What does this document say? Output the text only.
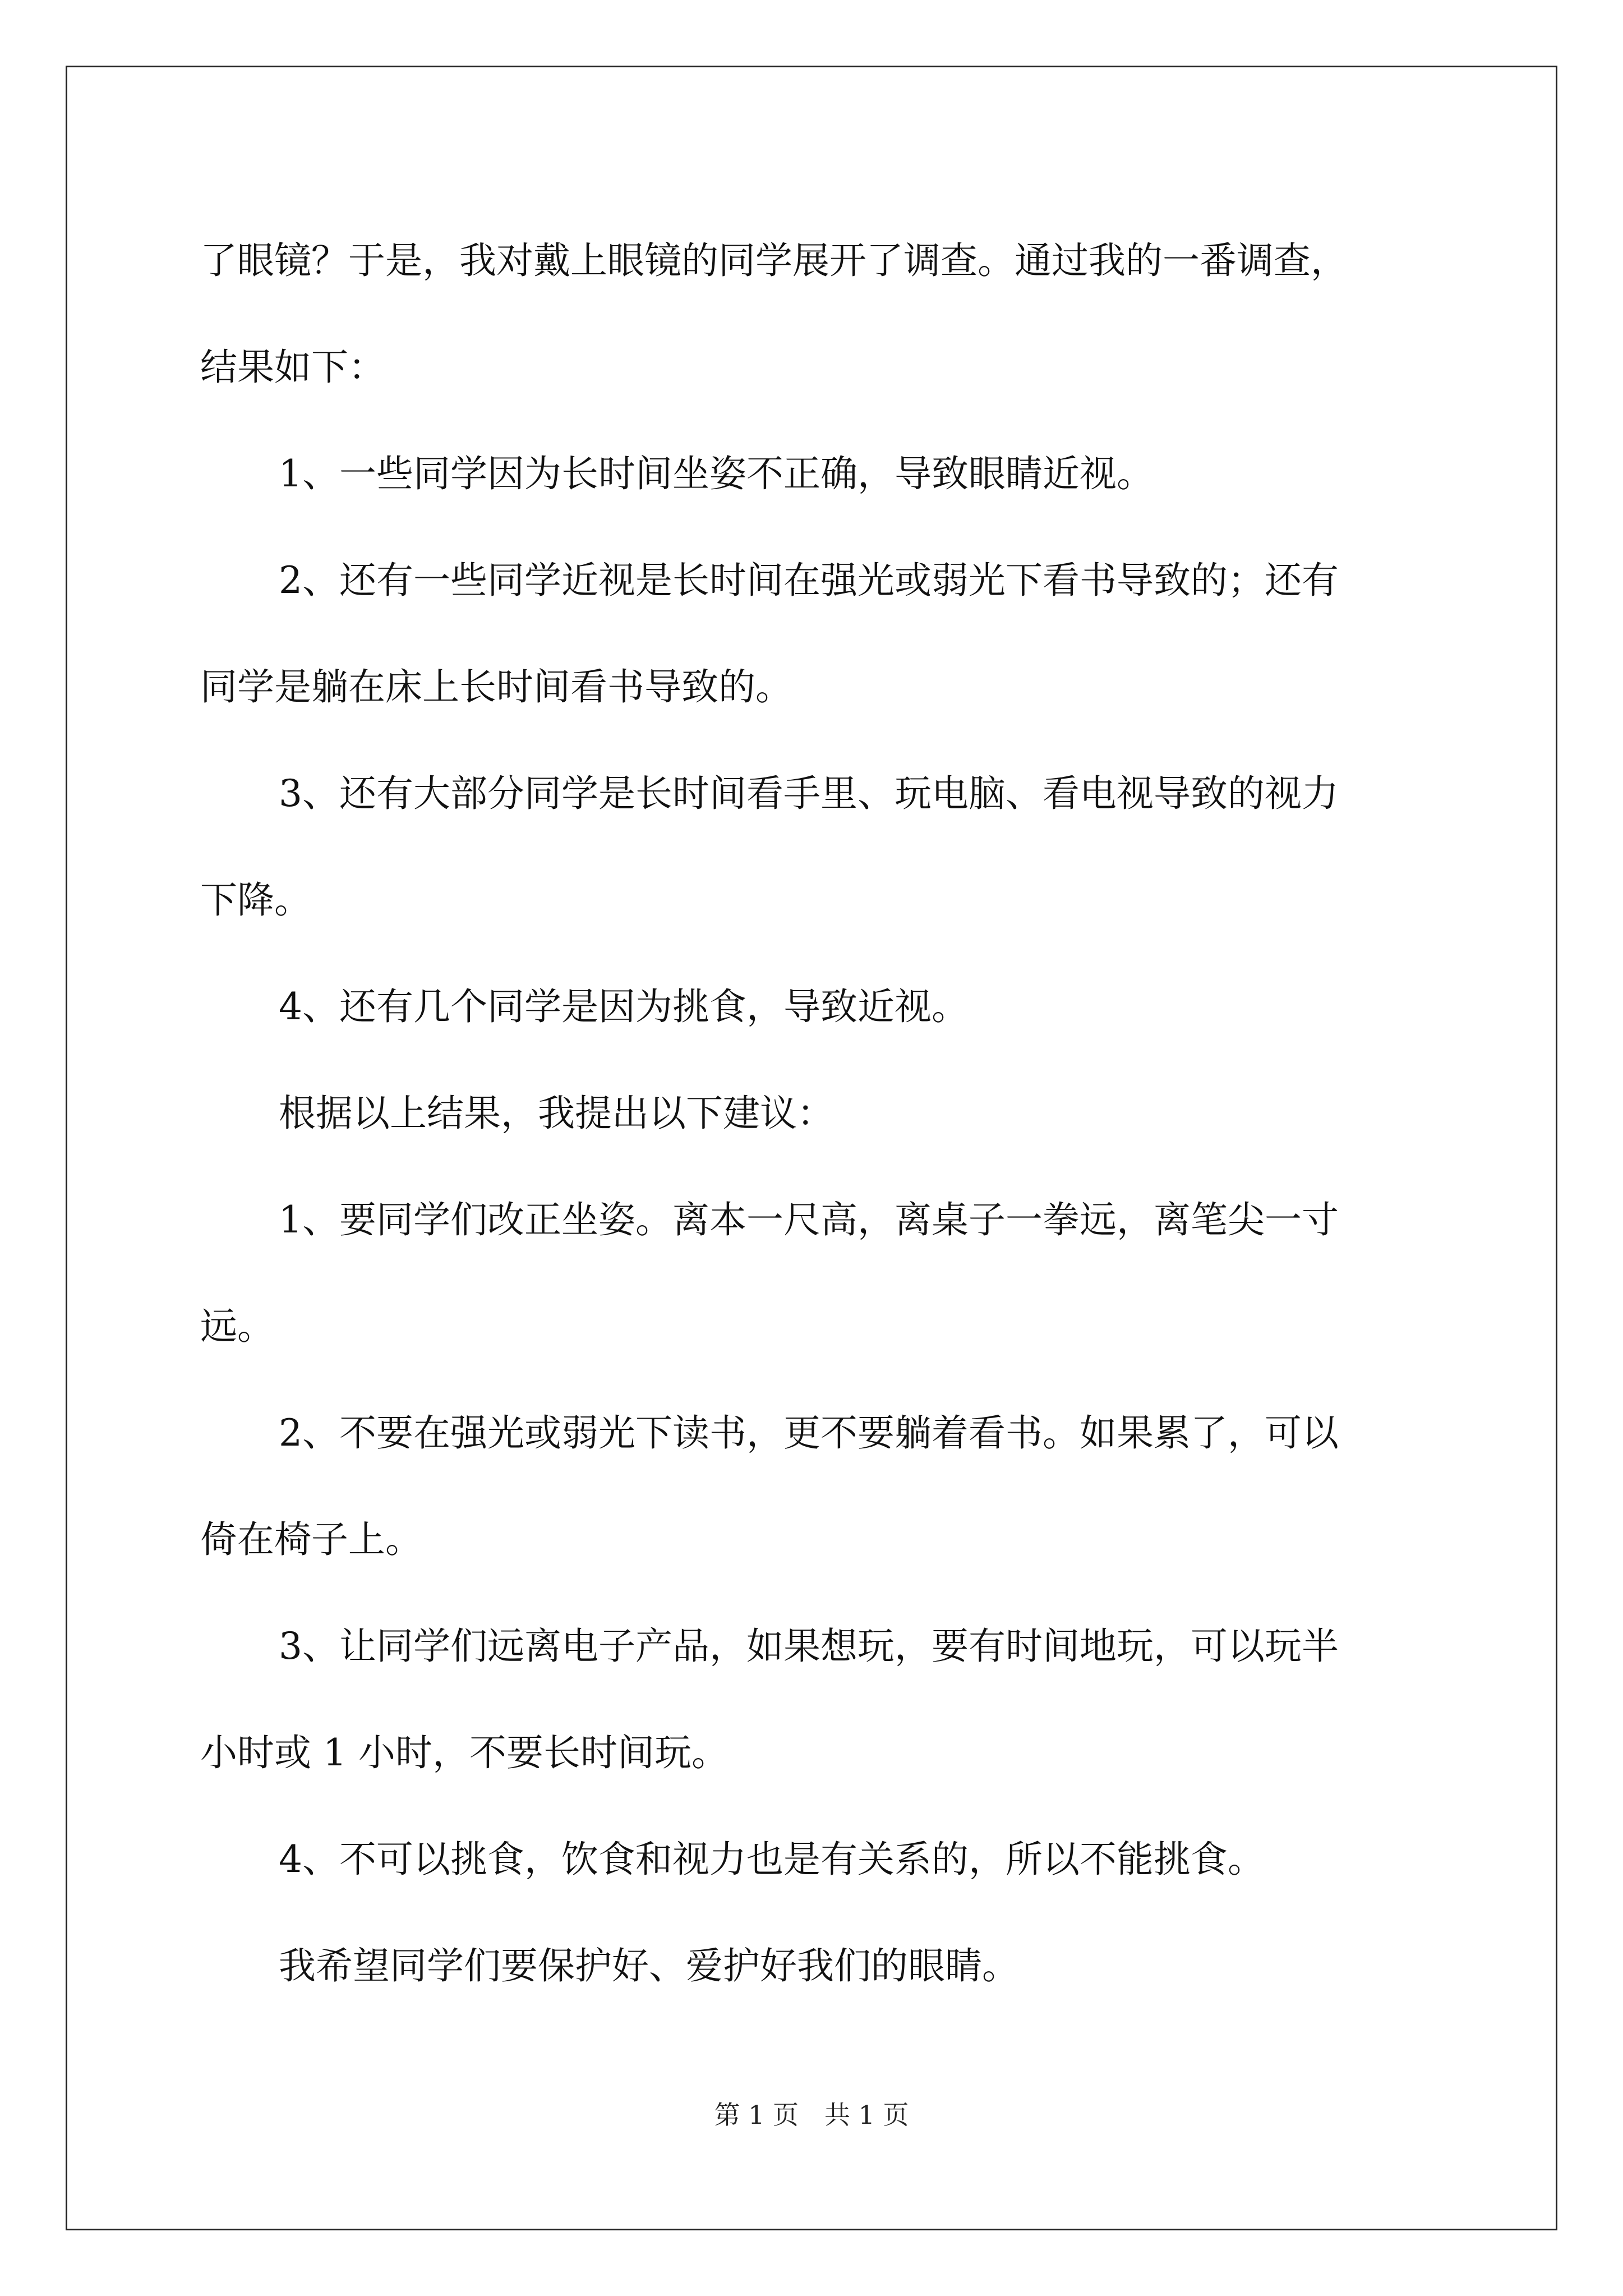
了眼镜？于是，我对戴上眼镜的同学展开了调查。通过我的一番调查，
结果如下：
1、一些同学因为长时间坐姿不正确，导致眼睛近视。
2、还有一些同学近视是长时间在强光或弱光下看书导致的；还有
同学是躺在床上长时间看书导致的。
3、还有大部分同学是长时间看手里、玩电脑、看电视导致的视力
下降。
4、还有几个同学是因为挑食，导致近视。
根据以上结果，我提出以下建议：
1、要同学们改正坐姿。离本一尺高，离桌子一拳远，离笔尖一寸
远。
2、不要在强光或弱光下读书，更不要躺着看书。如果累了，可以
倚在椅子上。
3、让同学们远离电子产品，如果想玩，要有时间地玩，可以玩半
小时或 1 小时，不要长时间玩。
4、不可以挑食，饮食和视力也是有关系的，所以不能挑食。
我希望同学们要保护好、爱护好我们的眼睛。
第 1 页　共 1 页
